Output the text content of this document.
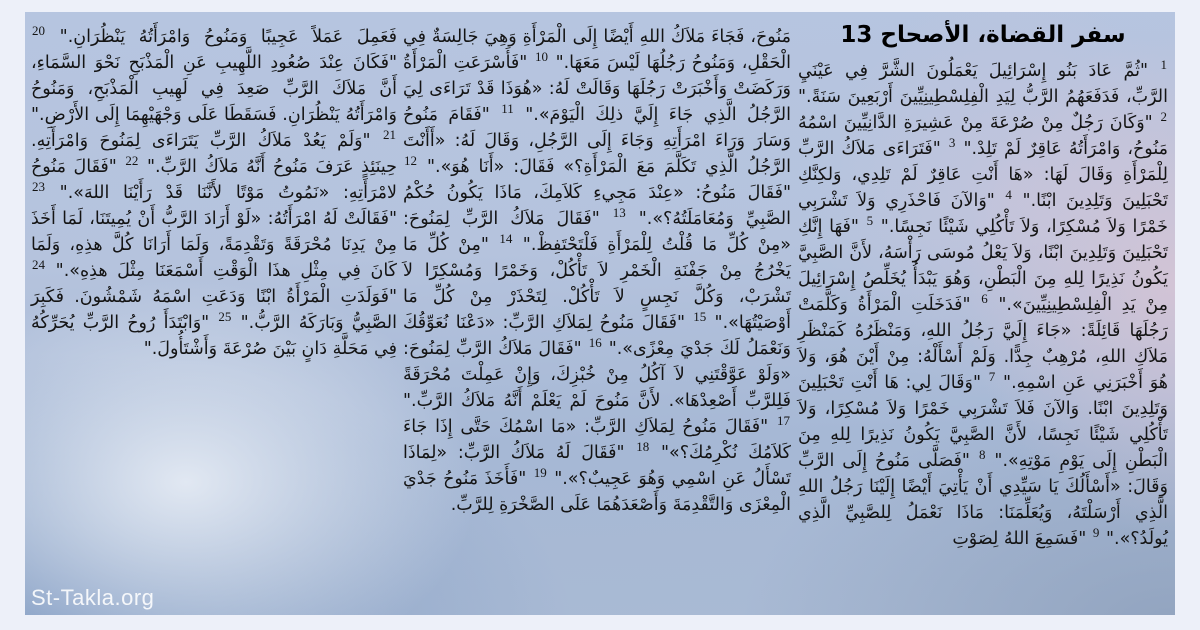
سفر القضاة، الأصحاح 13
$^1$ "ثُمَّ عَادَ بَنُو إِسْرَائِيلَ يَعْمَلُونَ الشَّرَّ فِي عَيْنَيِ الرَّبِّ، فَدَفَعَهُمُ الرَّبُّ لِيَدِ الْفِلِسْطِينِيِّينَ أَرْبَعِينَ سَنَةً." $^2$ "وَكَانَ رَجُلٌ مِنْ صُرْعَةَ مِنْ عَشِيرَةِ الدَّانِيِّينَ اسْمُهُ مَنُوحُ، وَامْرَأَتُهُ عَاقِرٌ لَمْ تَلِدْ." $^3$ "فَتَرَاءَى مَلاَكُ الرَّبِّ لِلْمَرْأَةِ وَقَالَ لَهَا: «هَا أَنْتِ عَاقِرٌ لَمْ تَلِدِي، وَلكِنَّكِ تَحْبَلِينَ وَتَلِدِينَ ابْنًا." $^4$ "وَالآنَ فَاحْذَرِي وَلاَ تَشْرَبِي خَمْرًا وَلاَ مُسْكِرًا، وَلاَ تَأْكُلِي شَيْئًا نَجِسًا." $^5$ "فَهَا إِنَّكِ تَحْبَلِينَ وَتَلِدِينَ ابْنًا، وَلاَ يَعْلُ مُوسَى رَأْسَهُ، لأَنَّ الصَّبِيَّ يَكُونُ نَذِيرًا لِلهِ مِنَ الْبَطْنِ، وَهُوَ يَبْدَأُ يُخَلِّصُ إِسْرَائِيلَ مِنْ يَدِ الْفِلِسْطِينِيِّينَ»." $^6$ "فَدَخَلَتِ الْمَرْأَةُ وَكَلَّمَتْ رَجُلَهَا قَائِلَةً: «جَاءَ إِلَيَّ رَجُلُ اللهِ، وَمَنْظَرُهُ كَمَنْظَرِ مَلاَكِ اللهِ، مُرْهِبٌ جِدًّا. وَلَمْ أَسْأَلْهُ: مِنْ أَيْنَ هُوَ، وَلاَ هُوَ أَخْبَرَنِي عَنِ اسْمِهِ." $^7$ "وَقَالَ لِي: هَا أَنْتِ تَحْبَلِينَ وَتَلِدِينَ ابْنًا. وَالآنَ فَلاَ تَشْرَبِي خَمْرًا وَلاَ مُسْكِرًا، وَلاَ تَأْكُلِي شَيْئًا نَجِسًا، لأَنَّ الصَّبِيَّ يَكُونُ نَذِيرًا لِلهِ مِنَ الْبَطْنِ إِلَى يَوْمِ مَوْتِهِ»." $^8$ "فَصَلَّى مَنُوحُ إِلَى الرَّبِّ وَقَالَ: «أَسْأَلُكَ يَا سَيِّدِي أَنْ يَأْتِيَ أَيْضًا إِلَيْنَا رَجُلُ اللهِ الَّذِي أَرْسَلْتَهُ، وَيُعَلِّمَنَا: مَاذَا نَعْمَلُ لِلصَّبِيِّ الَّذِي يُولَدُ؟»." $^9$ "فَسَمِعَ اللهُ لِصَوْتِ
مَنُوحَ، فَجَاءَ مَلاَكُ اللهِ أَيْضًا إِلَى الْمَرْأَةِ وَهِيَ جَالِسَةٌ فِي الْحَقْلِ، وَمَنُوحُ رَجُلُهَا لَيْسَ مَعَهَا." $^{10}$ "فَأَسْرَعَتِ الْمَرْأَةُ وَرَكَضَتْ وَأَخْبَرَتْ رَجُلَهَا وَقَالَتْ لَهُ: «هُوَذَا قَدْ تَرَاءَى لِيَ الرَّجُلُ الَّذِي جَاءَ إِلَيَّ ذلِكَ الْيَوْمَ»." $^{11}$ "فَقَامَ مَنُوحُ وَسَارَ وَرَاءَ امْرَأَتِهِ وَجَاءَ إِلَى الرَّجُلِ، وَقَالَ لَهُ: «أَأَنْتَ الرَّجُلُ الَّذِي تَكَلَّمَ مَعَ الْمَرْأَةِ؟» فَقَالَ: «أَنَا هُوَ»." $^{12}$ "فَقَالَ مَنُوحُ: «عِنْدَ مَجِيءِ كَلاَمِكَ، مَاذَا يَكُونُ حُكْمُ الصَّبِيِّ وَمُعَامَلَتُهُ؟»." $^{13}$ "فَقَالَ مَلاَكُ الرَّبِّ لِمَنُوحَ: «مِنْ كُلِّ مَا قُلْتُ لِلْمَرْأَةِ فَلْتَحْتَفِظْ." $^{14}$ "مِنْ كُلِّ مَا يَخْرُجُ مِنْ جَفْنَةِ الْخَمْرِ لاَ تَأْكُلْ، وَخَمْرًا وَمُسْكِرًا لاَ تَشْرَبْ، وَكُلَّ نَجِسٍ لاَ تَأْكُلْ. لِتَحْذَرْ مِنْ كُلِّ مَا أَوْصَيْتُهَا»." $^{15}$ "فَقَالَ مَنُوحُ لِمَلاَكِ الرَّبِّ: «دَعْنَا نُعَوِّقُكَ وَنَعْمَلُ لَكَ جَدْيَ مِعْزًى»." $^{16}$ "فَقَالَ مَلاَكُ الرَّبِّ لِمَنُوحَ: «وَلَوْ عَوَّقْتَنِي لاَ آكُلُ مِنْ خُبْزِكَ، وَإِنْ عَمِلْتَ مُحْرَقَةً فَلِلرَّبِّ أَصْعِدْهَا». لأَنَّ مَنُوحَ لَمْ يَعْلَمْ أَنَّهُ مَلاَكُ الرَّبِّ." $^{17}$ "فَقَالَ مَنُوحُ لِمَلاَكِ الرَّبِّ: «مَا اسْمُكَ حَتَّى إِذَا جَاءَ كَلاَمُكَ نُكْرِمُكَ؟»" $^{18}$ "فَقَالَ لَهُ مَلاَكُ الرَّبِّ: «لِمَاذَا تَسْأَلُ عَنِ اسْمِي وَهُوَ عَجِيبٌ؟»." $^{19}$ "فَأَخَذَ مَنُوحُ جَدْيَ الْمِعْزَى وَالتَّقْدِمَةَ وَأَصْعَدَهُمَا عَلَى الصَّخْرَةِ لِلرَّبِّ.
فَعَمِلَ عَمَلاً عَجِيبًا وَمَنُوحُ وَامْرَأَتُهُ يَنْظُرَانِ." $^{20}$ "فَكَانَ عِنْدَ صُعُودِ اللَّهِيبِ عَنِ الْمَذْبَحِ نَحْوَ السَّمَاءِ، أَنَّ مَلاَكَ الرَّبِّ صَعِدَ فِي لَهِيبِ الْمَذْبَحِ، وَمَنُوحُ وَامْرَأَتُهُ يَنْظُرَانِ. فَسَقَطَا عَلَى وَجْهَيْهِمَا إِلَى الأَرْضِ." $^{21}$ "وَلَمْ يَعُدْ مَلاَكُ الرَّبِّ يَتَرَاءَى لِمَنُوحَ وَامْرَأَتِهِ. حِينَئِذٍ عَرَفَ مَنُوحُ أَنَّهُ مَلاَكُ الرَّبِّ." $^{22}$ "فَقَالَ مَنُوحُ لامْرَأَتِهِ: «نَمُوتُ مَوْتًا لأَنَّنَا قَدْ رَأَيْنَا اللهَ»." $^{23}$ "فَقَالَتْ لَهُ امْرَأَتُهُ: «لَوْ أَرَادَ الرَّبُّ أَنْ يُمِيتَنَا، لَمَا أَخَذَ مِنْ يَدِنَا مُحْرَقَةً وَتَقْدِمَةً، وَلَمَا أَرَانَا كُلَّ هذِهِ، وَلَمَا كَانَ فِي مِثْلِ هذَا الْوَقْتِ أَسْمَعَنَا مِثْلَ هذِهِ»." $^{24}$ "فَوَلَدَتِ الْمَرْأَةُ ابْنًا وَدَعَتِ اسْمَهُ شَمْشُونَ. فَكَبِرَ الصَّبِيُّ وَبَارَكَهُ الرَّبُّ." $^{25}$ "وَابْتَدَأَ رُوحُ الرَّبِّ يُحَرِّكُهُ فِي مَحَلَّةِ دَانٍ بَيْنَ صُرْعَةَ وَأَشْتَأُولَ."
St-Takla.org
